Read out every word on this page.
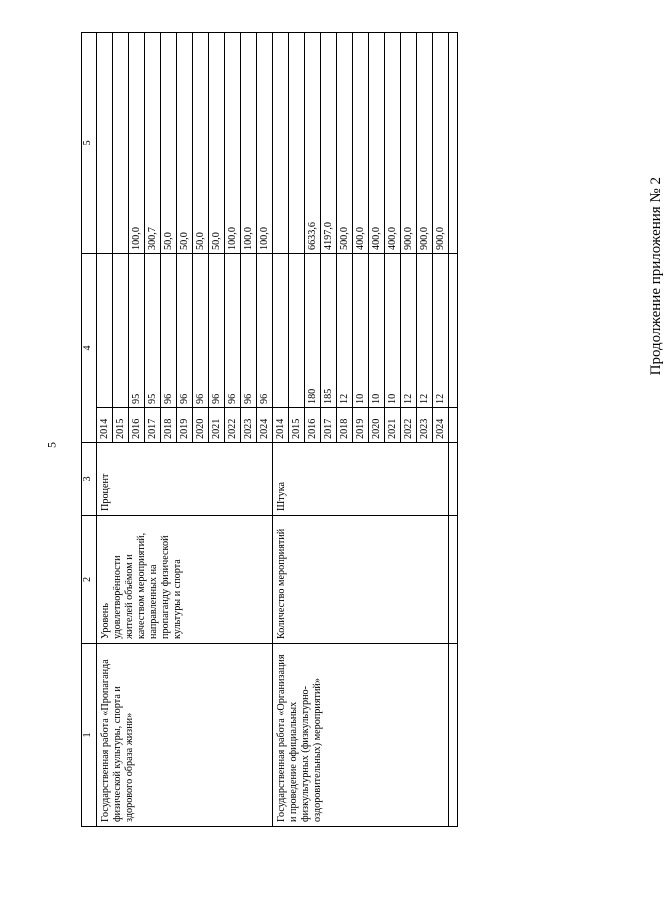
5
Продолжение приложения № 2
1	2	3	4		5
Государственная работа «Пропаганда физической культуры, спорта и здорового образа жизни»	Уровень удовлетворённости жителей объёмом и качеством мероприятий, направленных на пропаганду физической культуры и спорта	Процент	2014		
			2015		
			2016	95	100,0
			2017	95	300,7
			2018	96	50,0
			2019	96	50,0
			2020	96	50,0
			2021	96	50,0
			2022	96	100,0
			2023	96	100,0
			2024	96	100,0
Государственная работа «Организация и проведение официальных физкультурных (физкультурно-оздоровительных) мероприятий»	Количество мероприятий	Штука	2014		
			2015		
			2016	180	6633,6
			2017	185	4197,0
			2018	12	500,0
			2019	10	400,0
			2020	10	400,0
			2021	10	400,0
			2022	12	900,0
			2023	12	900,0
			2024	12	900,0
